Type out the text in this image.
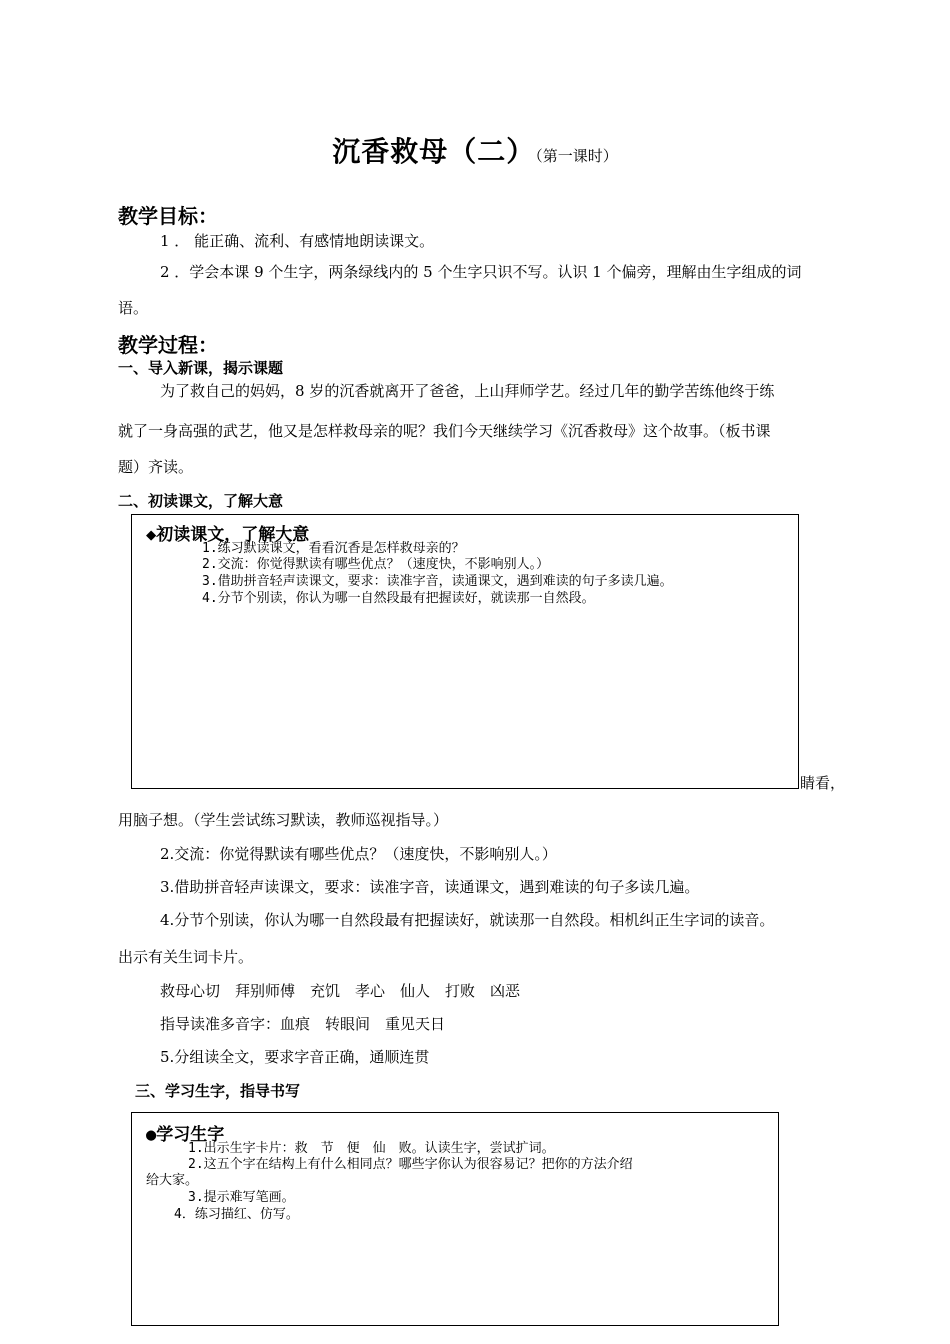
沉香救母（二）（第一课时）
教学目标：
1 ． 能正确、流利、有感情地朗读课文。
2 ．学会本课 9 个生字，两条绿线内的 5 个生字只识不写。认识 1 个偏旁，理解由生字组成的词
语。
教学过程：
一、导入新课，揭示课题
为了救自己的妈妈，8 岁的沉香就离开了爸爸，上山拜师学艺。经过几年的勤学苦练他终于练
就了一身高强的武艺，他又是怎样救母亲的呢？我们今天继续学习《沉香救母》这个故事。（板书课
题）齐读。
二、初读课文，了解大意
◆初读课文，了解大意
1.练习默读课文，看看沉香是怎样救母亲的？
2.交流：你觉得默读有哪些优点？（速度快，不影响别人。）
3.借助拼音轻声读课文，要求：读准字音，读通课文，遇到难读的句子多读几遍。
4.分节个别读，你认为哪一自然段最有把握读好，就读那一自然段。
睛看，
用脑子想。（学生尝试练习默读，教师巡视指导。）
2.交流：你觉得默读有哪些优点？（速度快，不影响别人。）
3.借助拼音轻声读课文，要求：读准字音，读通课文，遇到难读的句子多读几遍。
4.分节个别读，你认为哪一自然段最有把握读好，就读那一自然段。相机纠正生字词的读音。
出示有关生词卡片。
救母心切　拜别师傅　充饥　孝心　仙人　打败　凶恶
指导读准多音字：血痕　转眼间　重见天日
5.分组读全文，要求字音正确，通顺连贯
三、学习生字，指导书写
●学习生字
1.出示生字卡片：救　节　便　仙　败。认读生字，尝试扩词。
2.这五个字在结构上有什么相同点？哪些字你认为很容易记？把你的方法介绍
给大家。
3.提示难写笔画。
4．练习描红、仿写。
